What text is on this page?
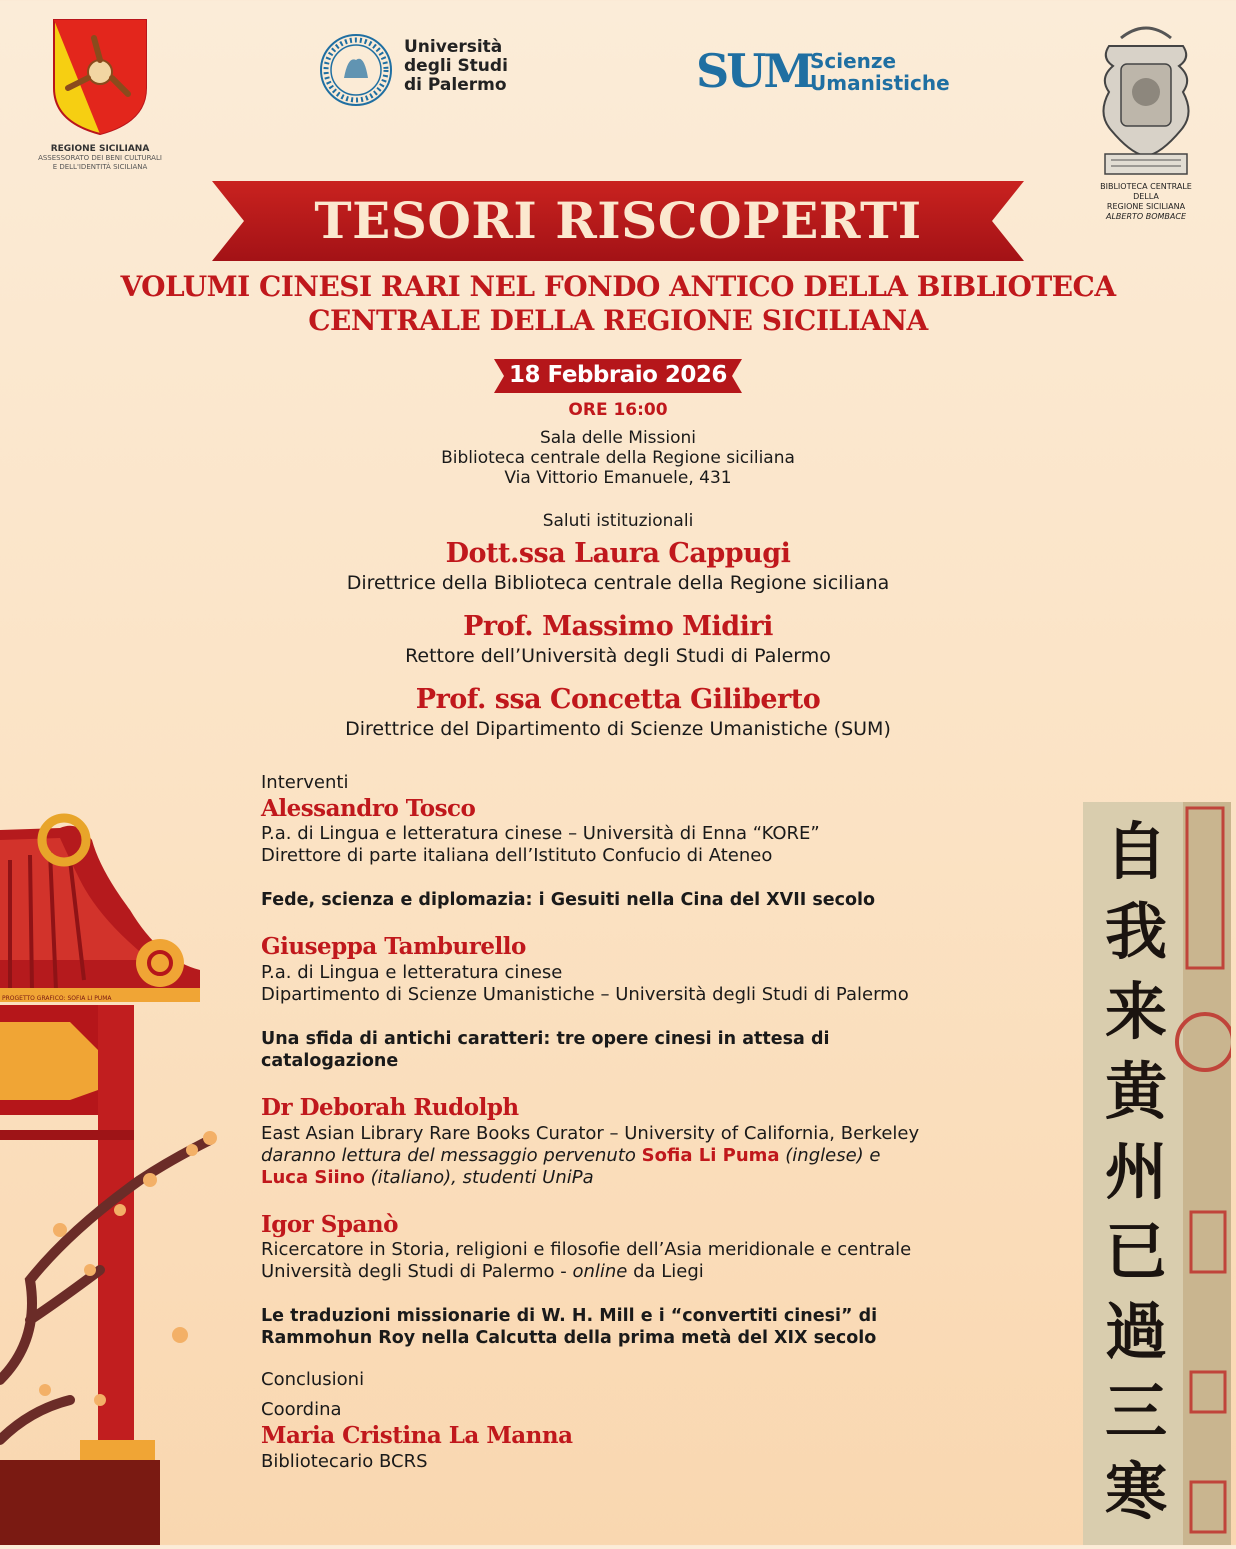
REGIONE SICILIANA
ASSESSORATO DEI BENI CULTURALI
E DELL'IDENTITÀ SICILIANA
Università
degli Studi
di Palermo	SUM
Scienze
Umanistiche
BIBLIOTECA CENTRALE
DELLA
REGIONE SICILIANA
ALBERTO BOMBACE
TESORI RISCOPERTI
VOLUMI CINESI RARI NEL FONDO ANTICO DELLA BIBLIOTECA
CENTRALE DELLA REGIONE SICILIANA
18 Febbraio 2026
ORE 16:00
Sala delle Missioni
Biblioteca centrale della Regione siciliana
Via Vittorio Emanuele, 431
Saluti istituzionali
Dott.ssa Laura Cappugi
Direttrice della Biblioteca centrale della Regione siciliana
Prof. Massimo Midiri
Rettore dell’Università degli Studi di Palermo
Prof. ssa Concetta Giliberto
Direttrice del Dipartimento di Scienze Umanistiche (SUM)
Interventi
Alessandro Tosco
P.a. di Lingua e letteratura cinese – Università di Enna “KORE”
Direttore di parte italiana dell’Istituto Confucio di Ateneo
Fede, scienza e diplomazia: i Gesuiti nella Cina del XVII secolo
Giuseppa Tamburello
P.a. di Lingua e letteratura cinese
Dipartimento di Scienze Umanistiche – Università degli Studi di Palermo
Una sfida di antichi caratteri: tre opere cinesi in attesa di
catalogazione
Dr Deborah Rudolph
East Asian Library Rare Books Curator – University of California, Berkeley
daranno lettura del messaggio pervenuto Sofia Li Puma (inglese) e
Luca Siino (italiano), studenti UniPa
Igor Spanò
Ricercatore in Storia, religioni e filosofie dell’Asia meridionale e centrale
Università degli Studi di Palermo - online da Liegi
Le traduzioni missionarie di W. H. Mill e i “convertiti cinesi” di
Rammohun Roy nella Calcutta della prima metà del XIX secolo
Conclusioni
Coordina
Maria Cristina La Manna
Bibliotecario BCRS
PROGETTO GRAFICO: SOFIA LI PUMA
自
我
来
黄
州
已
過
三
寒
